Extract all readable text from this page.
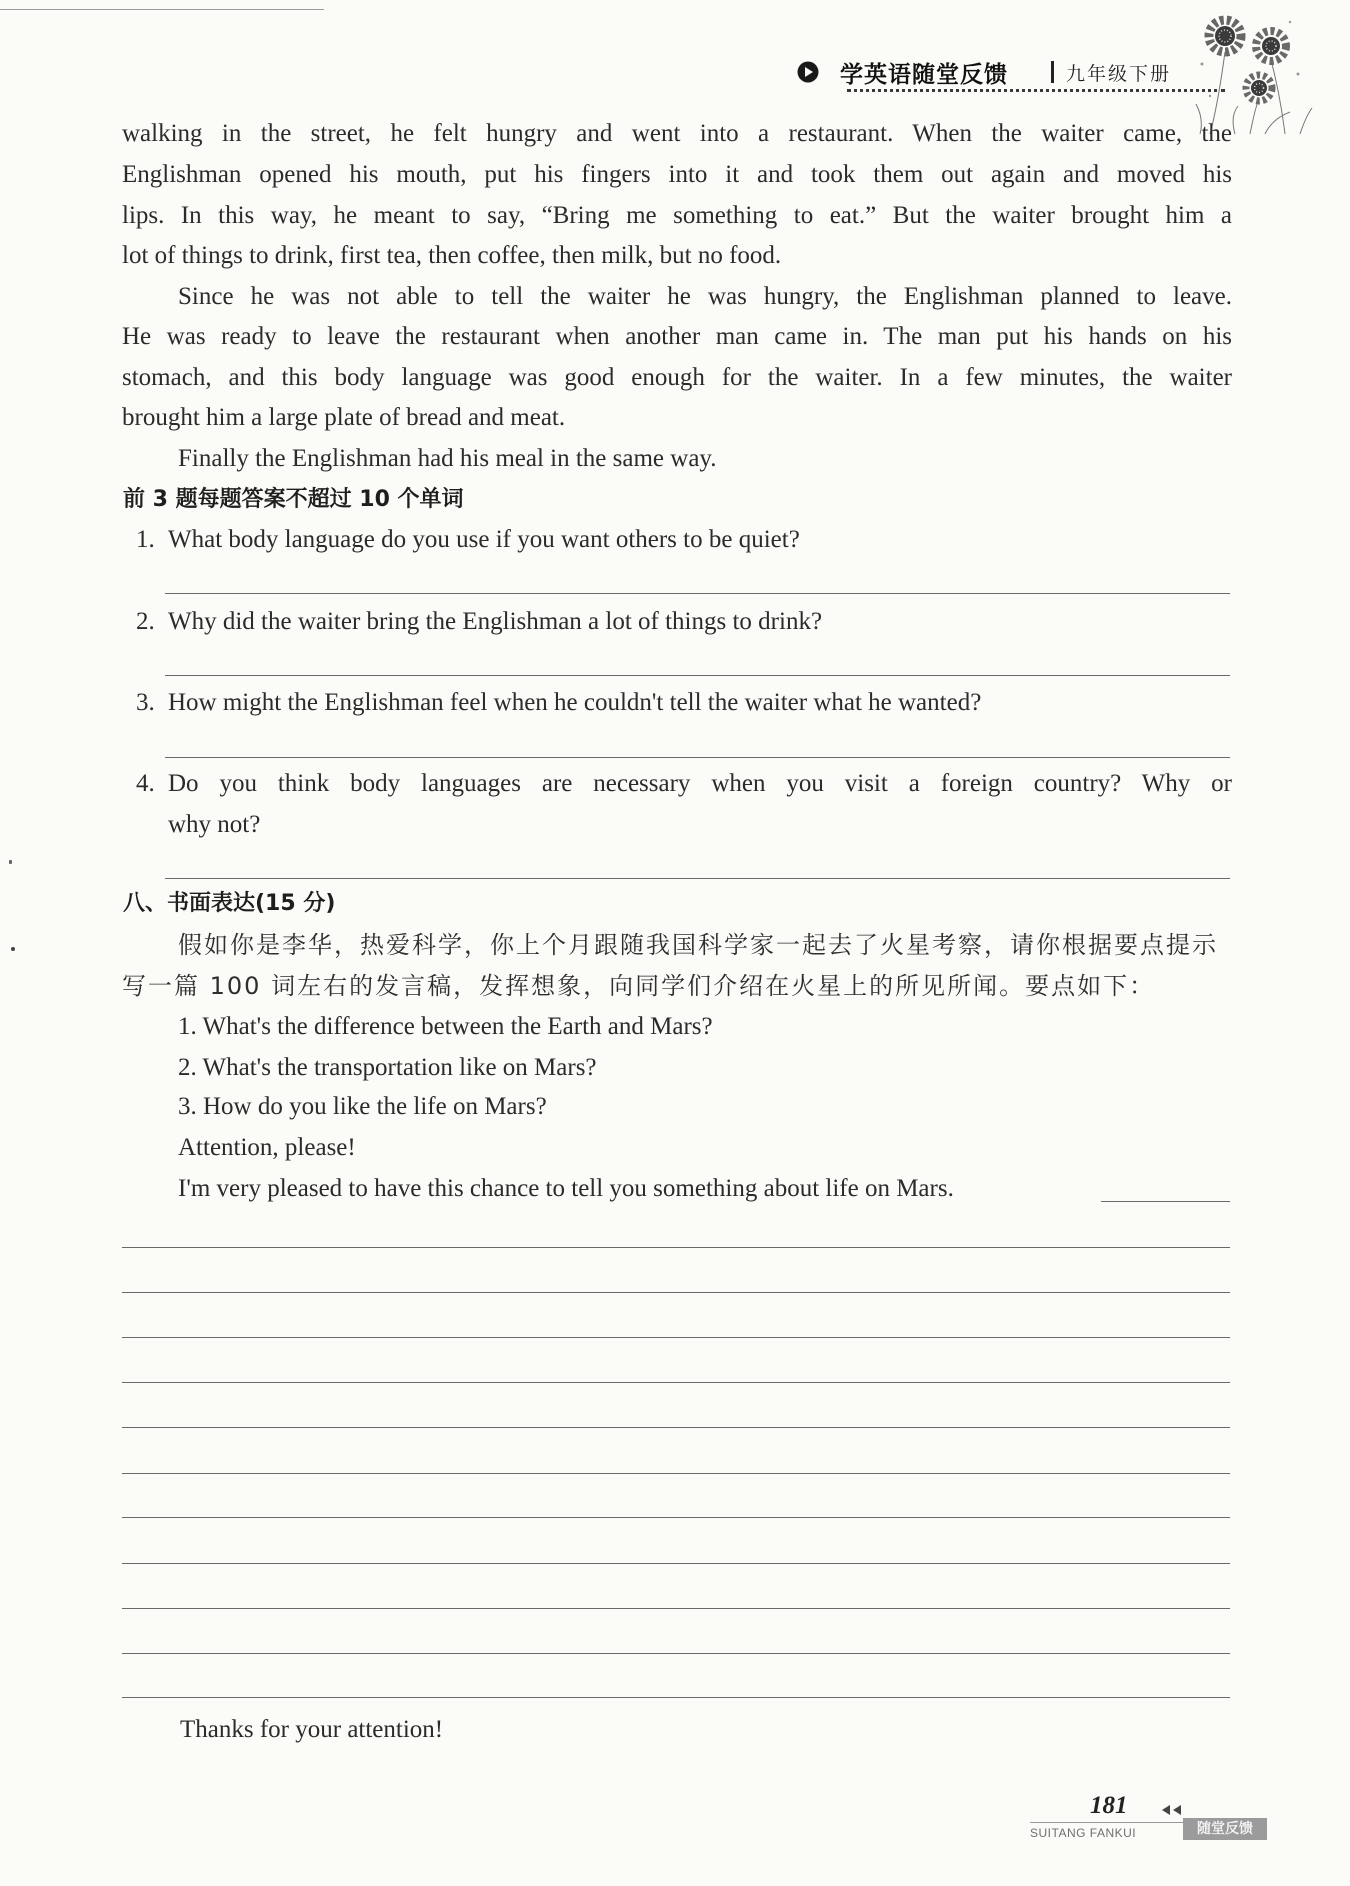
学英语随堂反馈	九年级下册
walking in the street, he felt hungry and went into a restaurant. When the waiter came, the
Englishman opened his mouth, put his fingers into it and took them out again and moved his
lips. In this way, he meant to say, “Bring me something to eat.” But the waiter brought him a
lot of things to drink, first tea, then coffee, then milk, but no food.
Since he was not able to tell the waiter he was hungry, the Englishman planned to leave.
He was ready to leave the restaurant when another man came in. The man put his hands on his
stomach, and this body language was good enough for the waiter. In a few minutes, the waiter
brought him a large plate of bread and meat.
Finally the Englishman had his meal in the same way.
前 3 题每题答案不超过 10 个单词
1. What body language do you use if you want others to be quiet?
2. Why did the waiter bring the Englishman a lot of things to drink?
3. How might the Englishman feel when he couldn't tell the waiter what he wanted?
4. Do you think body languages are necessary when you visit a foreign country? Why or
why not?
八、书面表达(15 分)
假如你是李华，热爱科学，你上个月跟随我国科学家一起去了火星考察，请你根据要点提示
写一篇 100 词左右的发言稿，发挥想象，向同学们介绍在火星上的所见所闻。要点如下：
1. What's the difference between the Earth and Mars?
2. What's the transportation like on Mars?
3. How do you like the life on Mars?
Attention, please!
I'm very pleased to have this chance to tell you something about life on Mars.
Thanks for your attention!
181
SUITANG FANKUI	随堂反馈
